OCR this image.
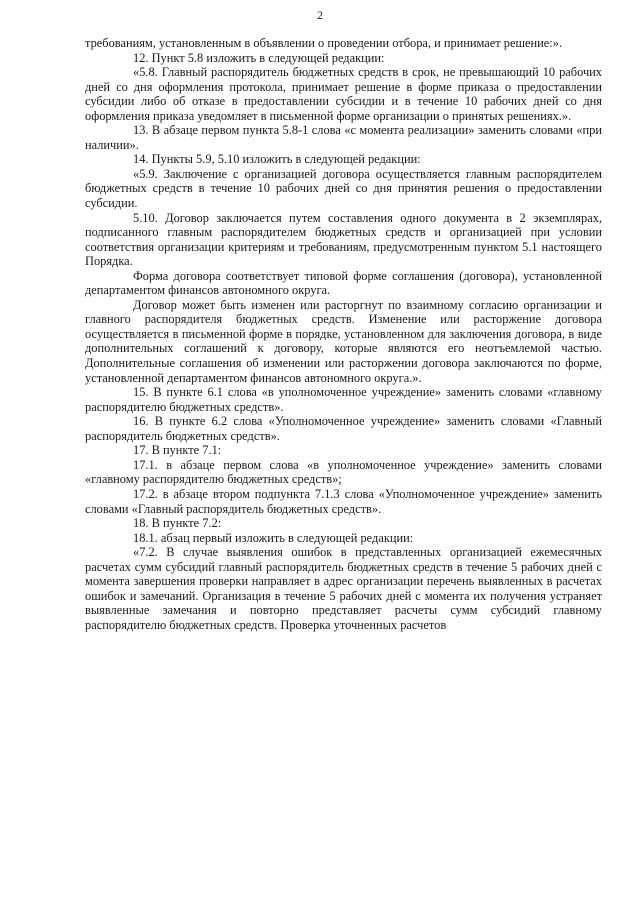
2

требованиям, установленным в объявлении о проведении отбора, и принимает решение:».

12. Пункт 5.8 изложить в следующей редакции:

«5.8. Главный распорядитель бюджетных средств в срок, не превышающий 10 рабочих дней со дня оформления протокола, принимает решение в форме приказа о предоставлении субсидии либо об отказе в предоставлении субсидии и в течение 10 рабочих дней со дня оформления приказа уведомляет в письменной форме организации о принятых решениях.».

13. В абзаце первом пункта 5.8-1 слова «с момента реализации» заменить словами «при наличии».

14. Пункты 5.9, 5.10 изложить в следующей редакции:

«5.9. Заключение с организацией договора осуществляется главным распорядителем бюджетных средств в течение 10 рабочих дней со дня принятия решения о предоставлении субсидии.

5.10. Договор заключается путем составления одного документа в 2 экземплярах, подписанного главным распорядителем бюджетных средств и организацией при условии соответствия организации критериям и требованиям, предусмотренным пунктом 5.1 настоящего Порядка.

Форма договора соответствует типовой форме соглашения (договора), установленной департаментом финансов автономного округа.

Договор может быть изменен или расторгнут по взаимному согласию организации и главного распорядителя бюджетных средств. Изменение или расторжение договора осуществляется в письменной форме в порядке, установленном для заключения договора, в виде дополнительных соглашений к договору, которые являются его неотъемлемой частью. Дополнительные соглашения об изменении или расторжении договора заключаются по форме, установленной департаментом финансов автономного округа.».

15. В пункте 6.1 слова «в уполномоченное учреждение» заменить словами «главному распорядителю бюджетных средств».

16. В пункте 6.2 слова «Уполномоченное учреждение» заменить словами «Главный распорядитель бюджетных средств».

17. В пункте 7.1:

17.1. в абзаце первом слова «в уполномоченное учреждение» заменить словами «главному распорядителю бюджетных средств»;

17.2. в абзаце втором подпункта 7.1.3 слова «Уполномоченное учреждение» заменить словами «Главный распорядитель бюджетных средств».

18. В пункте 7.2:

18.1. абзац первый изложить в следующей редакции:

«7.2. В случае выявления ошибок в представленных организацией ежемесячных расчетах сумм субсидий главный распорядитель бюджетных средств в течение 5 рабочих дней с момента завершения проверки направляет в адрес организации перечень выявленных в расчетах ошибок и замечаний. Организация в течение 5 рабочих дней с момента их получения устраняет выявленные замечания и повторно представляет расчеты сумм субсидий главному распорядителю бюджетных средств. Проверка уточненных расчетов
